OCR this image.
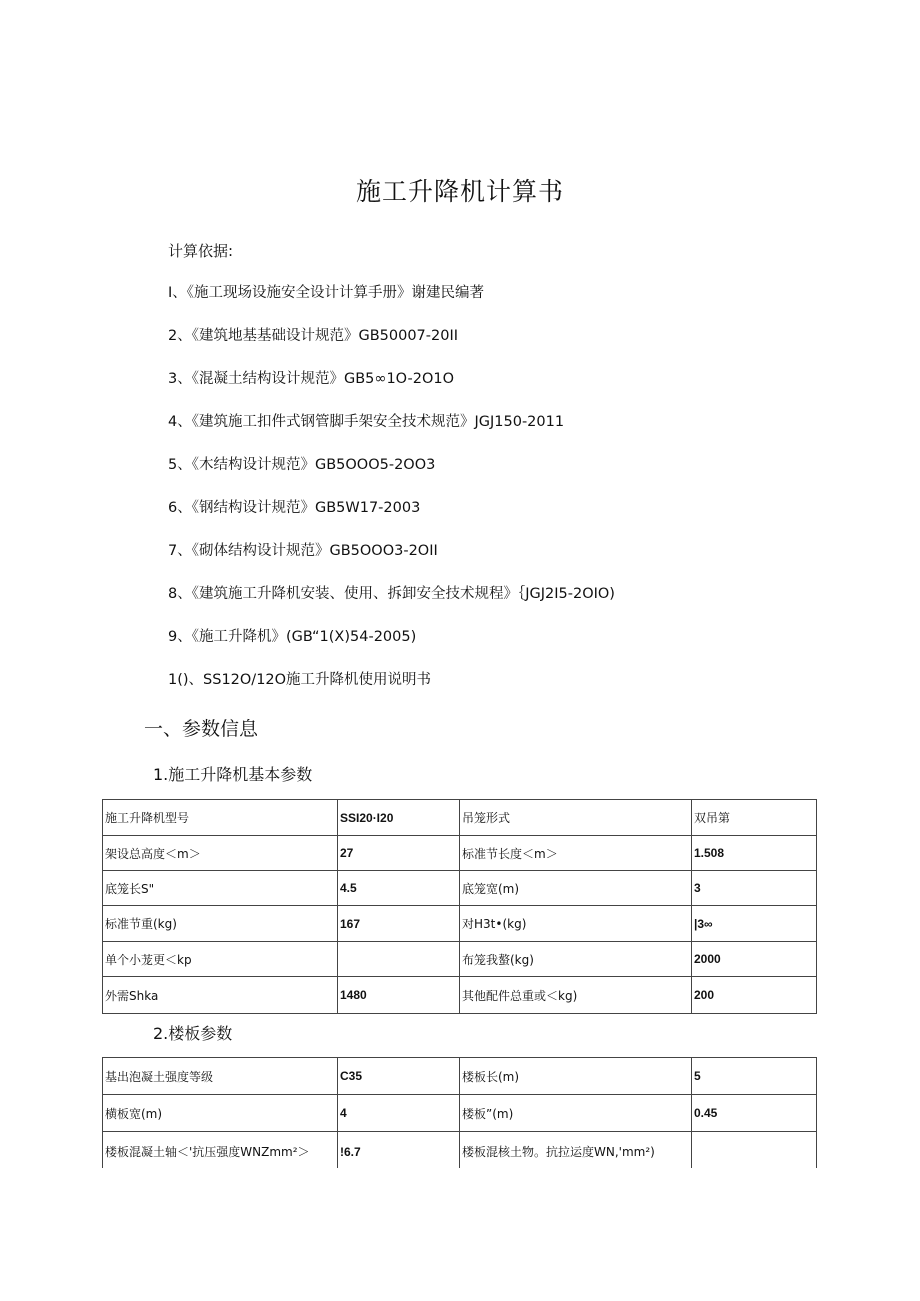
施工升降机计算书
计算依据:
I、《施工现场设施安全设计计算手册》谢建民编著
2、《建筑地基基础设计规范》GB50007-20II
3、《混凝土结构设计规范》GB5∞1O-2O1O
4、《建筑施工扣件式钢管脚手架安全技术规范》JGJ150-2011
5、《木结构设计规范》GB5OOO5-2OO3
6、《钢结构设计规范》GB5W17-2003
7、《砌体结构设计规范》GB5OOO3-2OII
8、《建筑施工升降机安装、使用、拆卸安全技术规程》｛JGJ2I5-2OIO)
9、《施工升降机》(GB“1(X)54-2005)
1()、SS12O/12O施工升降机使用说明书
一、参数信息
1.施工升降机基本参数
施工升降机型号	SSI20·I20	吊笼形式	双吊第
架设总高度＜m＞	27	标准节长度＜m＞	1.508
底笼长S"	4.5	底笼宽(m)	3
标准节重(kg)	167	对H3t•(kg)	|3∞
单个小茏更＜kp		布笼我螯(kg)	2000
外需Shka	1480	其他配件总重或＜kg)	200
2.楼板参数
基出泡凝土强度等级	C35	楼板长(m)	5
横板宽(m)	4	楼板”(m)	0.45
楼板混凝土轴＜'抗压强度WNZmm²＞	!6.7	楼板混核土物。抗拉运度WN,'mm²)	
